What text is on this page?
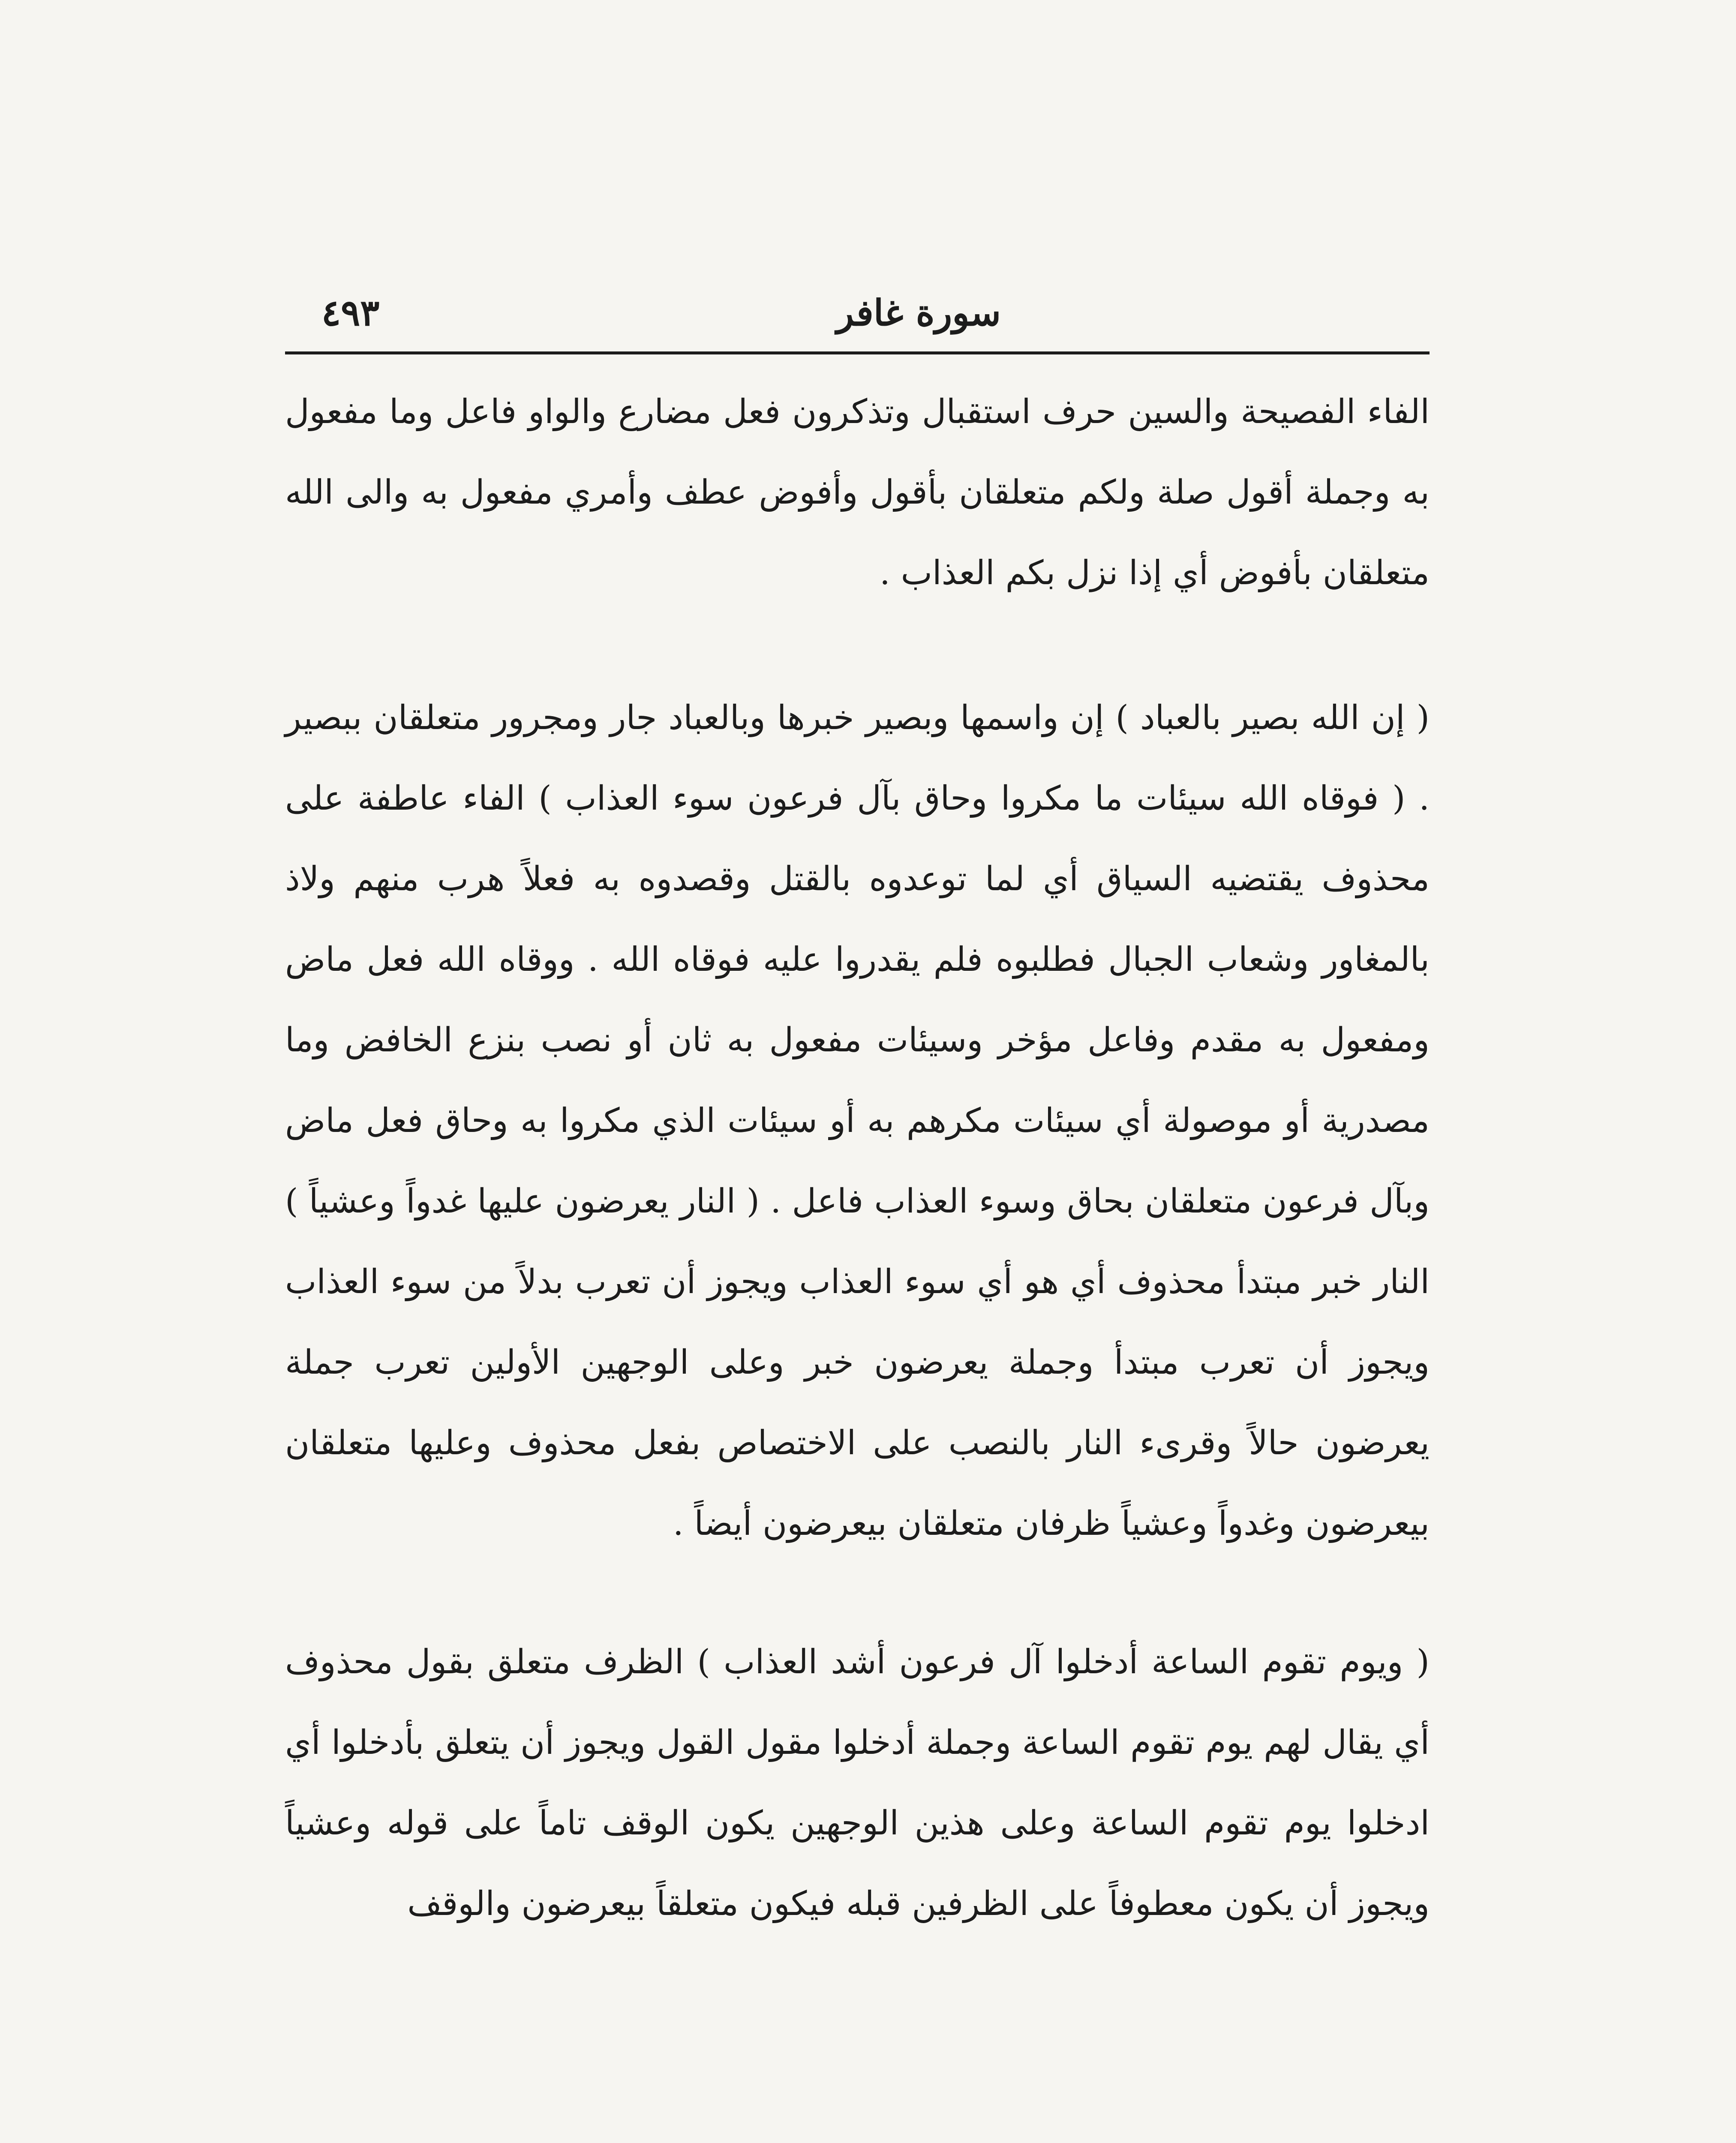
سورة غافر
٤٩٣

الفاء الفصيحة والسين حرف استقبال وتذكرون فعل مضارع والواو فاعل وما مفعول به وجملة أقول صلة ولكم متعلقان بأقول وأفوض عطف وأمري مفعول به والى الله متعلقان بأفوض أي إذا نزل بكم العذاب .

( إن الله بصير بالعباد ) إن واسمها وبصير خبرها وبالعباد جار ومجرور متعلقان ببصير . ( فوقاه الله سيئات ما مكروا وحاق بآل فرعون سوء العذاب ) الفاء عاطفة على محذوف يقتضيه السياق أي لما توعدوه بالقتل وقصدوه به فعلاً هرب منهم ولاذ بالمغاور وشعاب الجبال فطلبوه فلم يقدروا عليه فوقاه الله . ووقاه الله فعل ماض ومفعول به مقدم وفاعل مؤخر وسيئات مفعول به ثان أو نصب بنزع الخافض وما مصدرية أو موصولة أي سيئات مكرهم به أو سيئات الذي مكروا به وحاق فعل ماض وبآل فرعون متعلقان بحاق وسوء العذاب فاعل . ( النار يعرضون عليها غدواً وعشياً ) النار خبر مبتدأ محذوف أي هو أي سوء العذاب ويجوز أن تعرب بدلاً من سوء العذاب ويجوز أن تعرب مبتدأ وجملة يعرضون خبر وعلى الوجهين الأولين تعرب جملة يعرضون حالاً وقرىء النار بالنصب على الاختصاص بفعل محذوف وعليها متعلقان بيعرضون وغدواً وعشياً ظرفان متعلقان بيعرضون أيضاً .

( ويوم تقوم الساعة أدخلوا آل فرعون أشد العذاب ) الظرف متعلق بقول محذوف أي يقال لهم يوم تقوم الساعة وجملة أدخلوا مقول القول ويجوز أن يتعلق بأدخلوا أي ادخلوا يوم تقوم الساعة وعلى هذين الوجهين يكون الوقف تاماً على قوله وعشياً ويجوز أن يكون معطوفاً على الظرفين قبله فيكون متعلقاً بيعرضون والوقف
